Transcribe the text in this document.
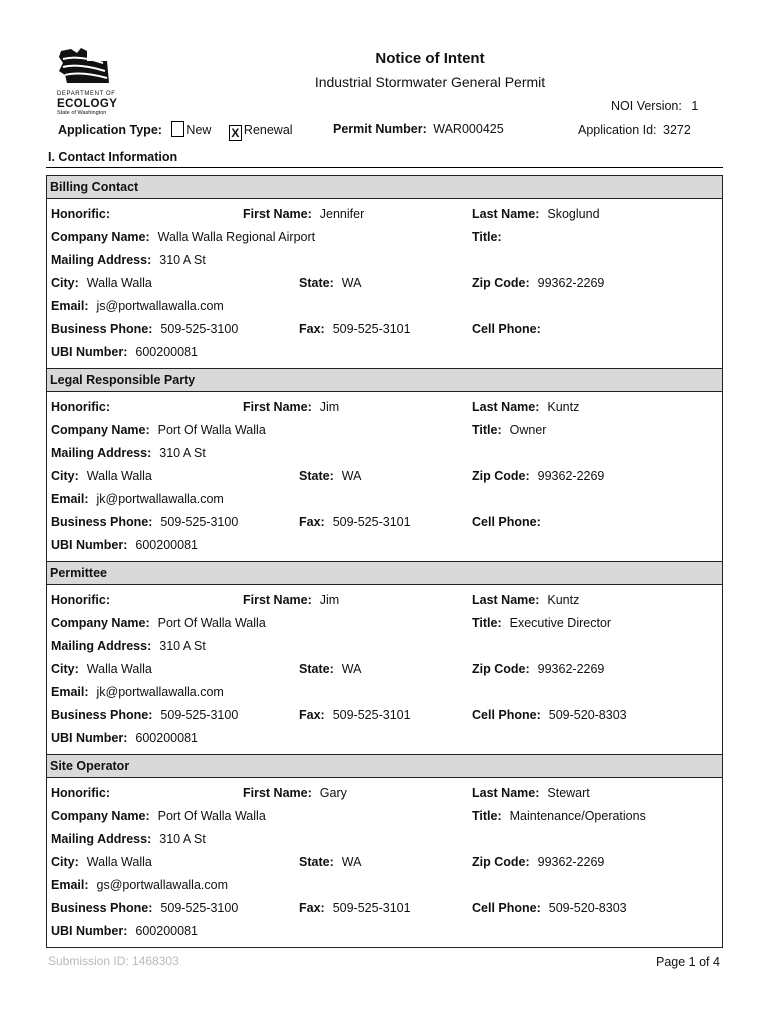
DEPARTMENT OF
ECOLOGY
State of Washington
Notice of Intent
Industrial Stormwater General Permit
NOI Version: 1
Application Type: New X Renewal	Permit Number: WAR000425	Application Id: 3272
I. Contact Information
Billing Contact
Honorific:	First Name: Jennifer	Last Name: Skoglund
Company Name: Walla Walla Regional Airport	Title:
Mailing Address: 310 A St
City: Walla Walla	State: WA	Zip Code: 99362-2269
Email: js@portwallawalla.com
Business Phone: 509-525-3100	Fax: 509-525-3101	Cell Phone:
UBI Number: 600200081
Legal Responsible Party
Honorific:	First Name: Jim	Last Name: Kuntz
Company Name: Port Of Walla Walla	Title: Owner
Mailing Address: 310 A St
City: Walla Walla	State: WA	Zip Code: 99362-2269
Email: jk@portwallawalla.com
Business Phone: 509-525-3100	Fax: 509-525-3101	Cell Phone:
UBI Number: 600200081
Permittee
Honorific:	First Name: Jim	Last Name: Kuntz
Company Name: Port Of Walla Walla	Title: Executive Director
Mailing Address: 310 A St
City: Walla Walla	State: WA	Zip Code: 99362-2269
Email: jk@portwallawalla.com
Business Phone: 509-525-3100	Fax: 509-525-3101	Cell Phone: 509-520-8303
UBI Number: 600200081
Site Operator
Honorific:	First Name: Gary	Last Name: Stewart
Company Name: Port Of Walla Walla	Title: Maintenance/Operations
Mailing Address: 310 A St
City: Walla Walla	State: WA	Zip Code: 99362-2269
Email: gs@portwallawalla.com
Business Phone: 509-525-3100	Fax: 509-525-3101	Cell Phone: 509-520-8303
UBI Number: 600200081
Submission ID: 1468303	Page 1 of 4
